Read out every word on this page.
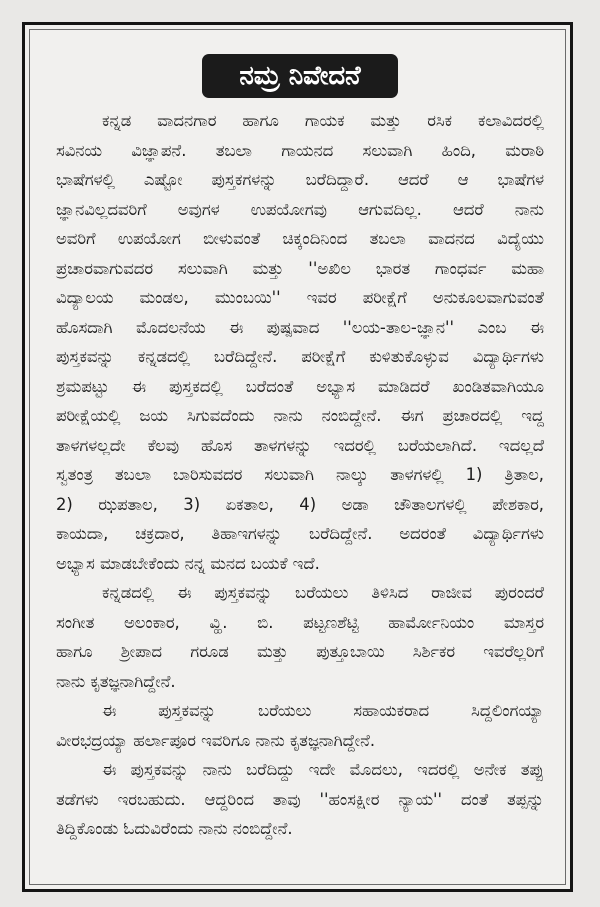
ನಮ್ರ ನಿವೇದನೆ

ಕನ್ನಡ ವಾದನಗಾರ ಹಾಗೂ ಗಾಯಕ ಮತ್ತು ರಸಿಕ ಕಲಾವಿದರಲ್ಲಿ
ಸವಿನಯ ವಿಜ್ಞಾಪನೆ. ತಬಲಾ ಗಾಯನದ ಸಲುವಾಗಿ ಹಿಂದಿ, ಮರಾಠಿ
ಭಾಷೆಗಳಲ್ಲಿ ಎಷ್ಟೋ ಪುಸ್ತಕಗಳನ್ನು ಬರೆದಿದ್ದಾರೆ. ಆದರೆ ಆ ಭಾಷೆಗಳ
ಜ್ಞಾನವಿಲ್ಲದವರಿಗೆ ಅವುಗಳ ಉಪಯೋಗವು ಆಗುವದಿಲ್ಲ. ಆದರೆ ನಾನು
ಅವರಿಗೆ ಉಪಯೋಗ ಬೀಳುವಂತೆ ಚಿಕ್ಕಂದಿನಿಂದ ತಬಲಾ ವಾದನದ ವಿದ್ಯೆಯು
ಪ್ರಚಾರವಾಗುವದರ ಸಲುವಾಗಿ ಮತ್ತು ''ಅಖಿಲ ಭಾರತ ಗಾಂಧರ್ವ ಮಹಾ
ವಿದ್ಯಾಲಯ ಮಂಡಲ, ಮುಂಬಯಿ'' ಇವರ ಪರೀಕ್ಷೆಗೆ ಅನುಕೂಲವಾಗುವಂತೆ
ಹೊಸದಾಗಿ ಮೊದಲನೆಯ ಈ ಪುಷ್ಪವಾದ ''ಲಯ-ತಾಲ-ಜ್ಞಾನ'' ಎಂಬ ಈ
ಪುಸ್ತಕವನ್ನು ಕನ್ನಡದಲ್ಲಿ ಬರೆದಿದ್ದೇನೆ. ಪರೀಕ್ಷೆಗೆ ಕುಳಿತುಕೊಳ್ಳುವ ವಿದ್ಯಾರ್ಥಿಗಳು
ಶ್ರಮಪಟ್ಟು ಈ ಪುಸ್ತಕದಲ್ಲಿ ಬರೆದಂತೆ ಅಭ್ಯಾಸ ಮಾಡಿದರೆ ಖಂಡಿತವಾಗಿಯೂ
ಪರೀಕ್ಷೆಯಲ್ಲಿ ಜಯ ಸಿಗುವದೆಂದು ನಾನು ನಂಬಿದ್ದೇನೆ. ಈಗ ಪ್ರಚಾರದಲ್ಲಿ ಇದ್ದ
ತಾಳಗಳಲ್ಲದೇ ಕೆಲವು ಹೊಸ ತಾಳಗಳನ್ನು ಇದರಲ್ಲಿ ಬರೆಯಲಾಗಿದೆ. ಇದಲ್ಲದೆ
ಸ್ವತಂತ್ರ ತಬಲಾ ಬಾರಿಸುವದರ ಸಲುವಾಗಿ ನಾಲ್ಕು ತಾಳಗಳಲ್ಲಿ 1) ತ್ರಿತಾಲ,
2) ಝಪತಾಲ, 3) ಏಕತಾಲ, 4) ಅಡಾ ಚೌತಾಲಗಳಲ್ಲಿ ಪೇಶಕಾರ,
ಕಾಯದಾ, ಚಕ್ರದಾರ, ತಿಹಾಇಗಳನ್ನು ಬರೆದಿದ್ದೇನೆ. ಅದರಂತೆ ವಿದ್ಯಾರ್ಥಿಗಳು
ಅಭ್ಯಾಸ ಮಾಡಬೇಕೆಂದು ನನ್ನ ಮನದ ಬಯಕೆ ಇದೆ.

ಕನ್ನಡದಲ್ಲಿ ಈ ಪುಸ್ತಕವನ್ನು ಬರೆಯಲು ತಿಳಿಸಿದ ರಾಜೀವ ಪುರಂದರೆ
ಸಂಗೀತ ಅಲಂಕಾರ, ವ್ಹಿ. ಬಿ. ಪಟ್ಟಣಶೆಟ್ಟಿ ಹಾರ್ಮೋನಿಯಂ ಮಾಸ್ತರ
ಹಾಗೂ ಶ್ರೀಪಾದ ಗರೂಡ ಮತ್ತು ಪುತ್ತೂಬಾಯಿ ಸಿರ್ಶಿಕರ ಇವರೆಲ್ಲರಿಗೆ
ನಾನು ಕೃತಜ್ಞನಾಗಿದ್ದೇನೆ.

ಈ ಪುಸ್ತಕವನ್ನು ಬರೆಯಲು ಸಹಾಯಕರಾದ ಸಿದ್ದಲಿಂಗಯ್ಯಾ
ವೀರಭದ್ರಯ್ಯಾ ಹರ್ಲಾಪೂರ ಇವರಿಗೂ ನಾನು ಕೃತಜ್ಞನಾಗಿದ್ದೇನೆ.

ಈ ಪುಸ್ತಕವನ್ನು ನಾನು ಬರೆದಿದ್ದು ಇದೇ ಮೊದಲು, ಇದರಲ್ಲಿ ಅನೇಕ ತಪ್ಪು
ತಡೆಗಳು ಇರಬಹುದು. ಆದ್ದರಿಂದ ತಾವು ''ಹಂಸಕ್ಷೀರ ನ್ಯಾಯ'' ದಂತೆ ತಪ್ಪನ್ನು
ತಿದ್ದಿಕೊಂಡು ಓದುವಿರೆಂದು ನಾನು ನಂಬಿದ್ದೇನೆ.
